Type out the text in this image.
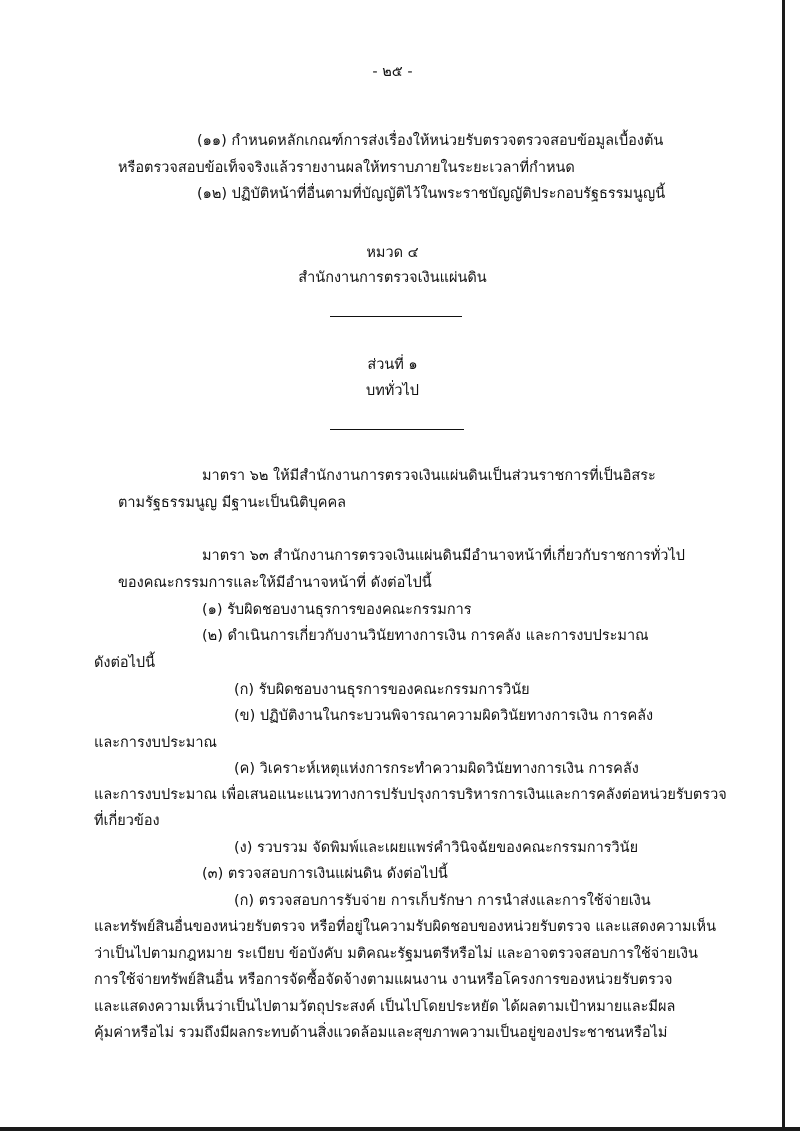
- ๒๕ -
(๑๑) กำหนดหลักเกณฑ์การส่งเรื่องให้หน่วยรับตรวจตรวจสอบข้อมูลเบื้องต้น
หรือตรวจสอบข้อเท็จจริงแล้วรายงานผลให้ทราบภายในระยะเวลาที่กำหนด
(๑๒) ปฏิบัติหน้าที่อื่นตามที่บัญญัติไว้ในพระราชบัญญัติประกอบรัฐธรรมนูญนี้
หมวด ๔
สำนักงานการตรวจเงินแผ่นดิน
ส่วนที่ ๑
บททั่วไป
มาตรา ๖๒ ให้มีสำนักงานการตรวจเงินแผ่นดินเป็นส่วนราชการที่เป็นอิสระ
ตามรัฐธรรมนูญ มีฐานะเป็นนิติบุคคล
มาตรา ๖๓ สำนักงานการตรวจเงินแผ่นดินมีอำนาจหน้าที่เกี่ยวกับราชการทั่วไป
ของคณะกรรมการและให้มีอำนาจหน้าที่ ดังต่อไปนี้
(๑) รับผิดชอบงานธุรการของคณะกรรมการ
(๒) ดำเนินการเกี่ยวกับงานวินัยทางการเงิน การคลัง และการงบประมาณ
ดังต่อไปนี้
(ก) รับผิดชอบงานธุรการของคณะกรรมการวินัย
(ข) ปฏิบัติงานในกระบวนพิจารณาความผิดวินัยทางการเงิน การคลัง
และการงบประมาณ
(ค) วิเคราะห์เหตุแห่งการกระทำความผิดวินัยทางการเงิน การคลัง
และการงบประมาณ เพื่อเสนอแนะแนวทางการปรับปรุงการบริหารการเงินและการคลังต่อหน่วยรับตรวจ
ที่เกี่ยวข้อง
(ง) รวบรวม จัดพิมพ์และเผยแพร่คำวินิจฉัยของคณะกรรมการวินัย
(๓) ตรวจสอบการเงินแผ่นดิน ดังต่อไปนี้
(ก) ตรวจสอบการรับจ่าย การเก็บรักษา การนำส่งและการใช้จ่ายเงิน
และทรัพย์สินอื่นของหน่วยรับตรวจ หรือที่อยู่ในความรับผิดชอบของหน่วยรับตรวจ และแสดงความเห็น
ว่าเป็นไปตามกฎหมาย ระเบียบ ข้อบังคับ มติคณะรัฐมนตรีหรือไม่ และอาจตรวจสอบการใช้จ่ายเงิน
การใช้จ่ายทรัพย์สินอื่น หรือการจัดซื้อจัดจ้างตามแผนงาน งานหรือโครงการของหน่วยรับตรวจ
และแสดงความเห็นว่าเป็นไปตามวัตถุประสงค์ เป็นไปโดยประหยัด ได้ผลตามเป้าหมายและมีผล
คุ้มค่าหรือไม่ รวมถึงมีผลกระทบด้านสิ่งแวดล้อมและสุขภาพความเป็นอยู่ของประชาชนหรือไม่
